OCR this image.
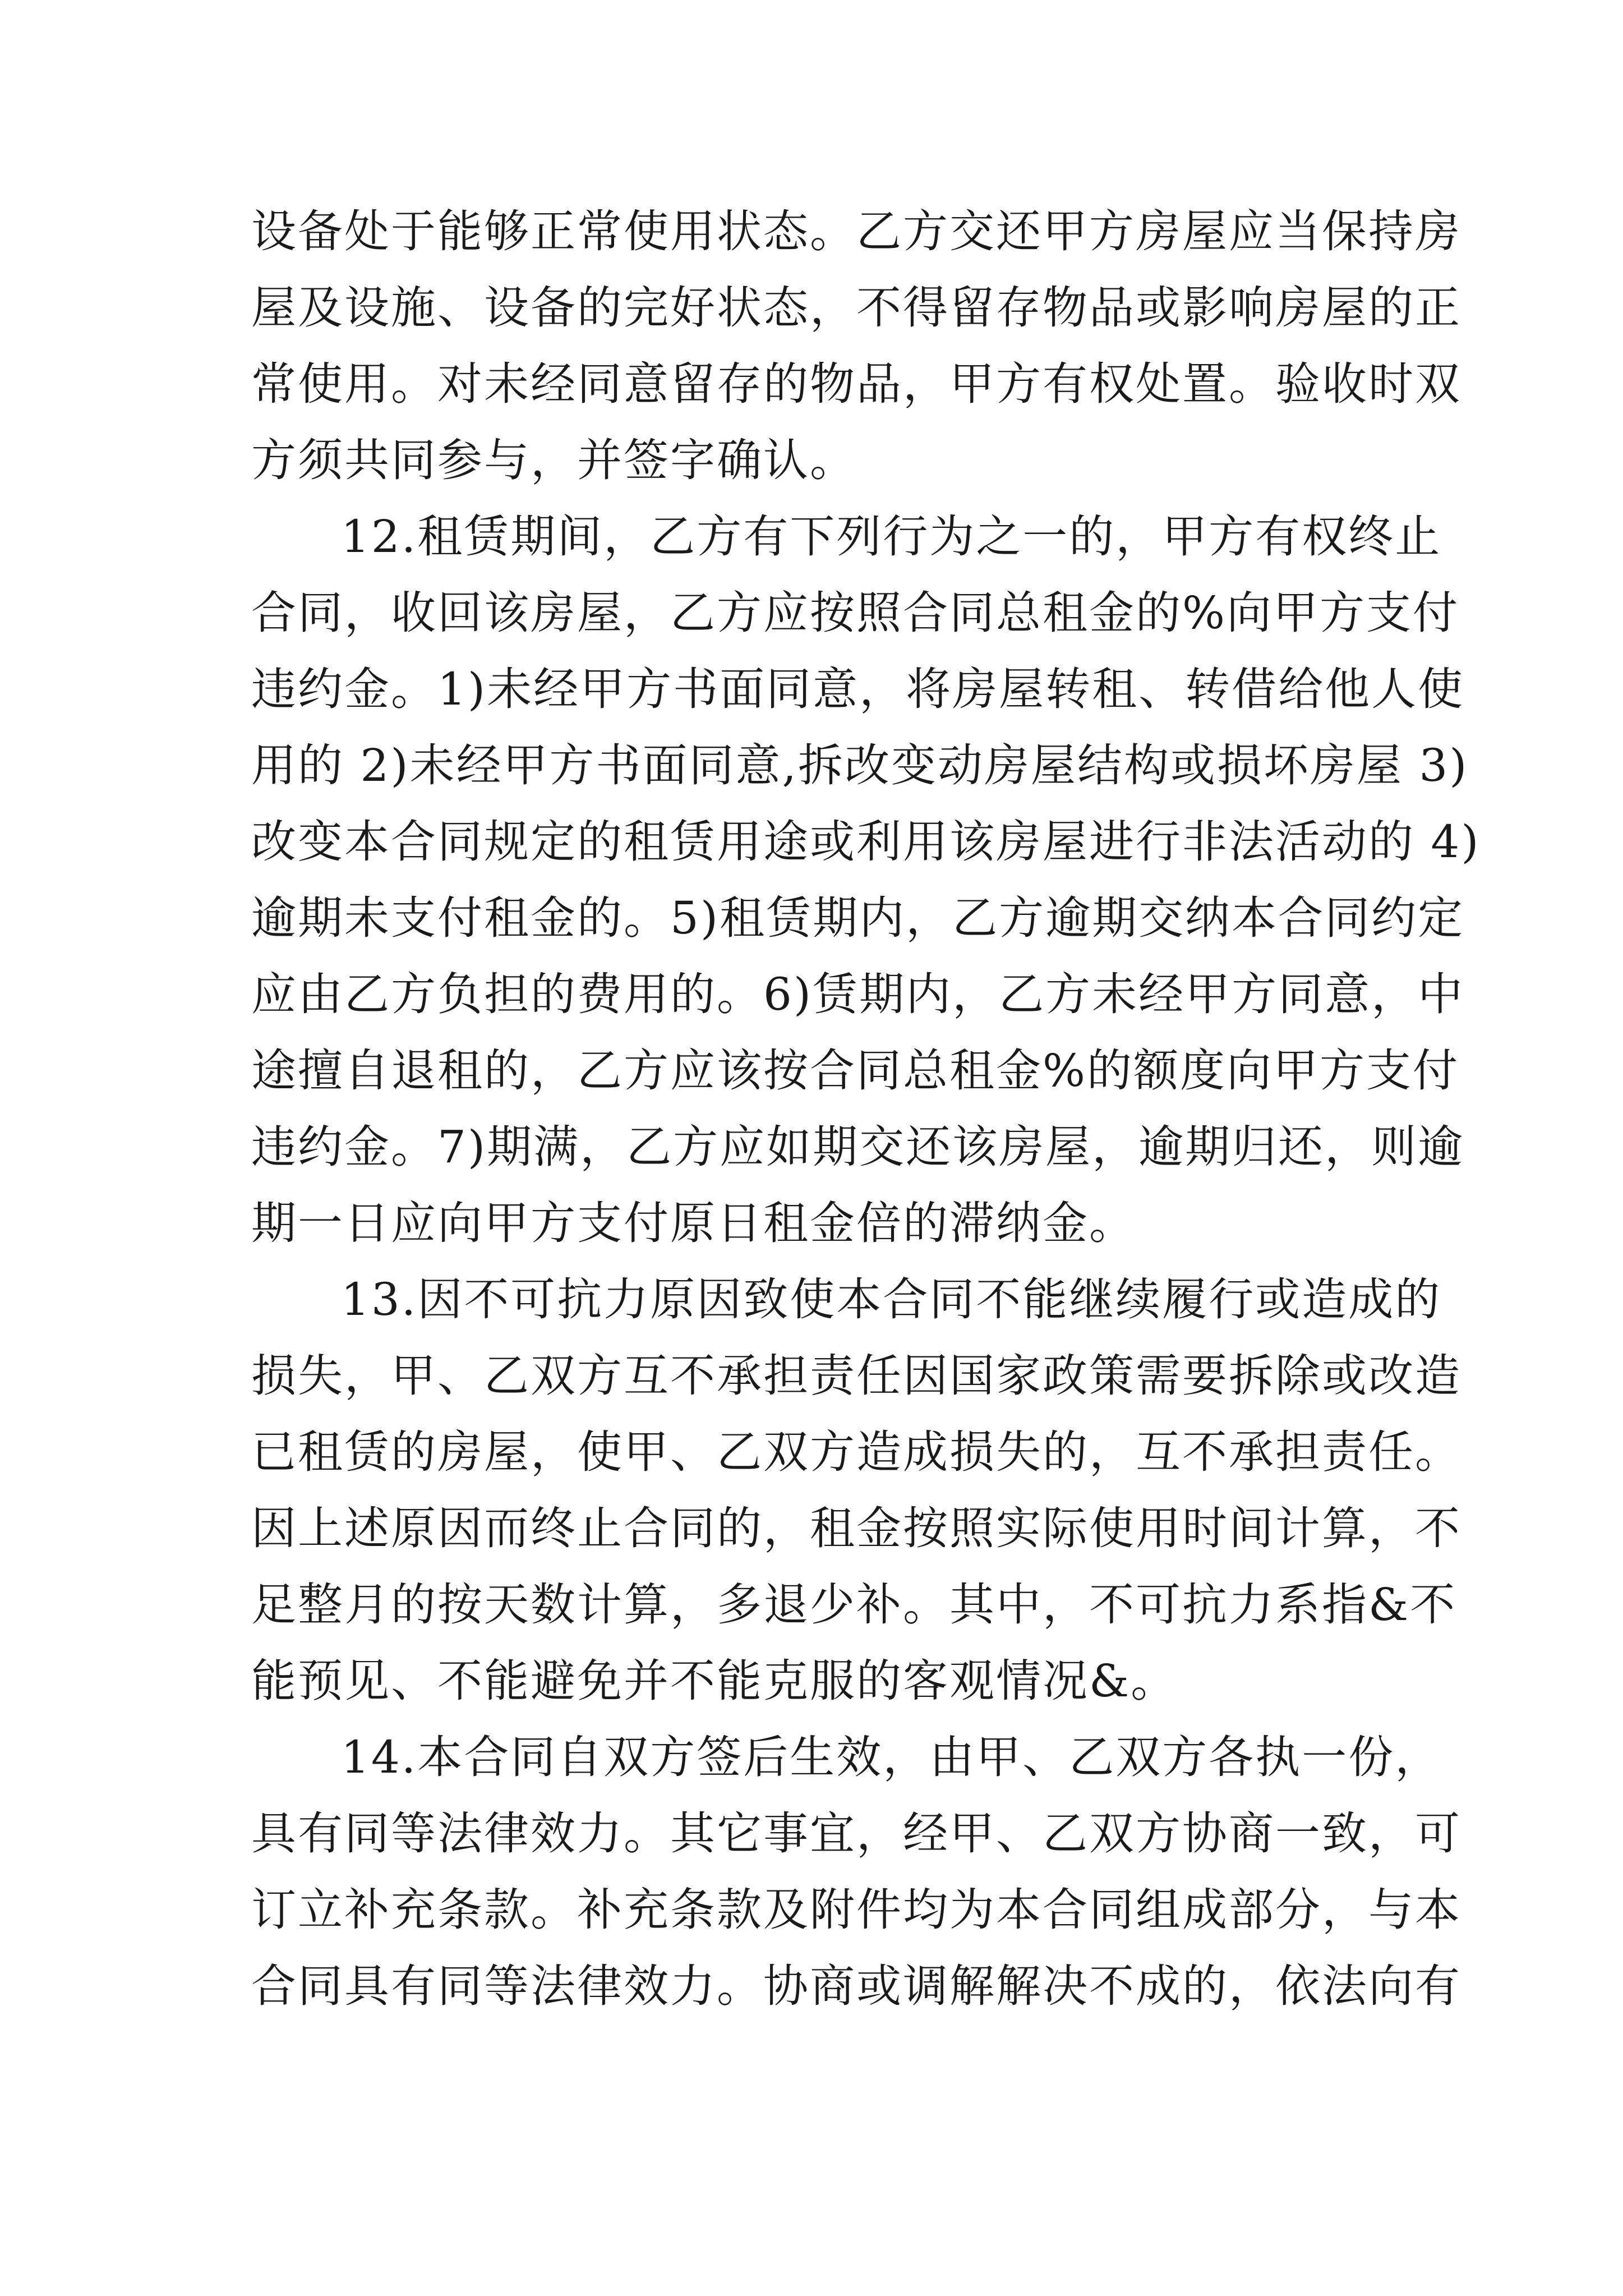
设备处于能够正常使用状态。乙方交还甲方房屋应当保持房
屋及设施、设备的完好状态，不得留存物品或影响房屋的正
常使用。对未经同意留存的物品，甲方有权处置。验收时双
方须共同参与，并签字确认。
12.租赁期间，乙方有下列行为之一的，甲方有权终止
合同，收回该房屋，乙方应按照合同总租金的%向甲方支付
违约金。1)未经甲方书面同意，将房屋转租、转借给他人使
用的 2)未经甲方书面同意,拆改变动房屋结构或损坏房屋 3)
改变本合同规定的租赁用途或利用该房屋进行非法活动的 4)
逾期未支付租金的。5)租赁期内，乙方逾期交纳本合同约定
应由乙方负担的费用的。6)赁期内，乙方未经甲方同意，中
途擅自退租的，乙方应该按合同总租金%的额度向甲方支付
违约金。7)期满，乙方应如期交还该房屋，逾期归还，则逾
期一日应向甲方支付原日租金倍的滞纳金。
13.因不可抗力原因致使本合同不能继续履行或造成的
损失，甲、乙双方互不承担责任因国家政策需要拆除或改造
已租赁的房屋，使甲、乙双方造成损失的，互不承担责任。
因上述原因而终止合同的，租金按照实际使用时间计算，不
足整月的按天数计算，多退少补。其中，不可抗力系指&不
能预见、不能避免并不能克服的客观情况&。
14.本合同自双方签后生效，由甲、乙双方各执一份，
具有同等法律效力。其它事宜，经甲、乙双方协商一致，可
订立补充条款。补充条款及附件均为本合同组成部分，与本
合同具有同等法律效力。协商或调解解决不成的，依法向有
